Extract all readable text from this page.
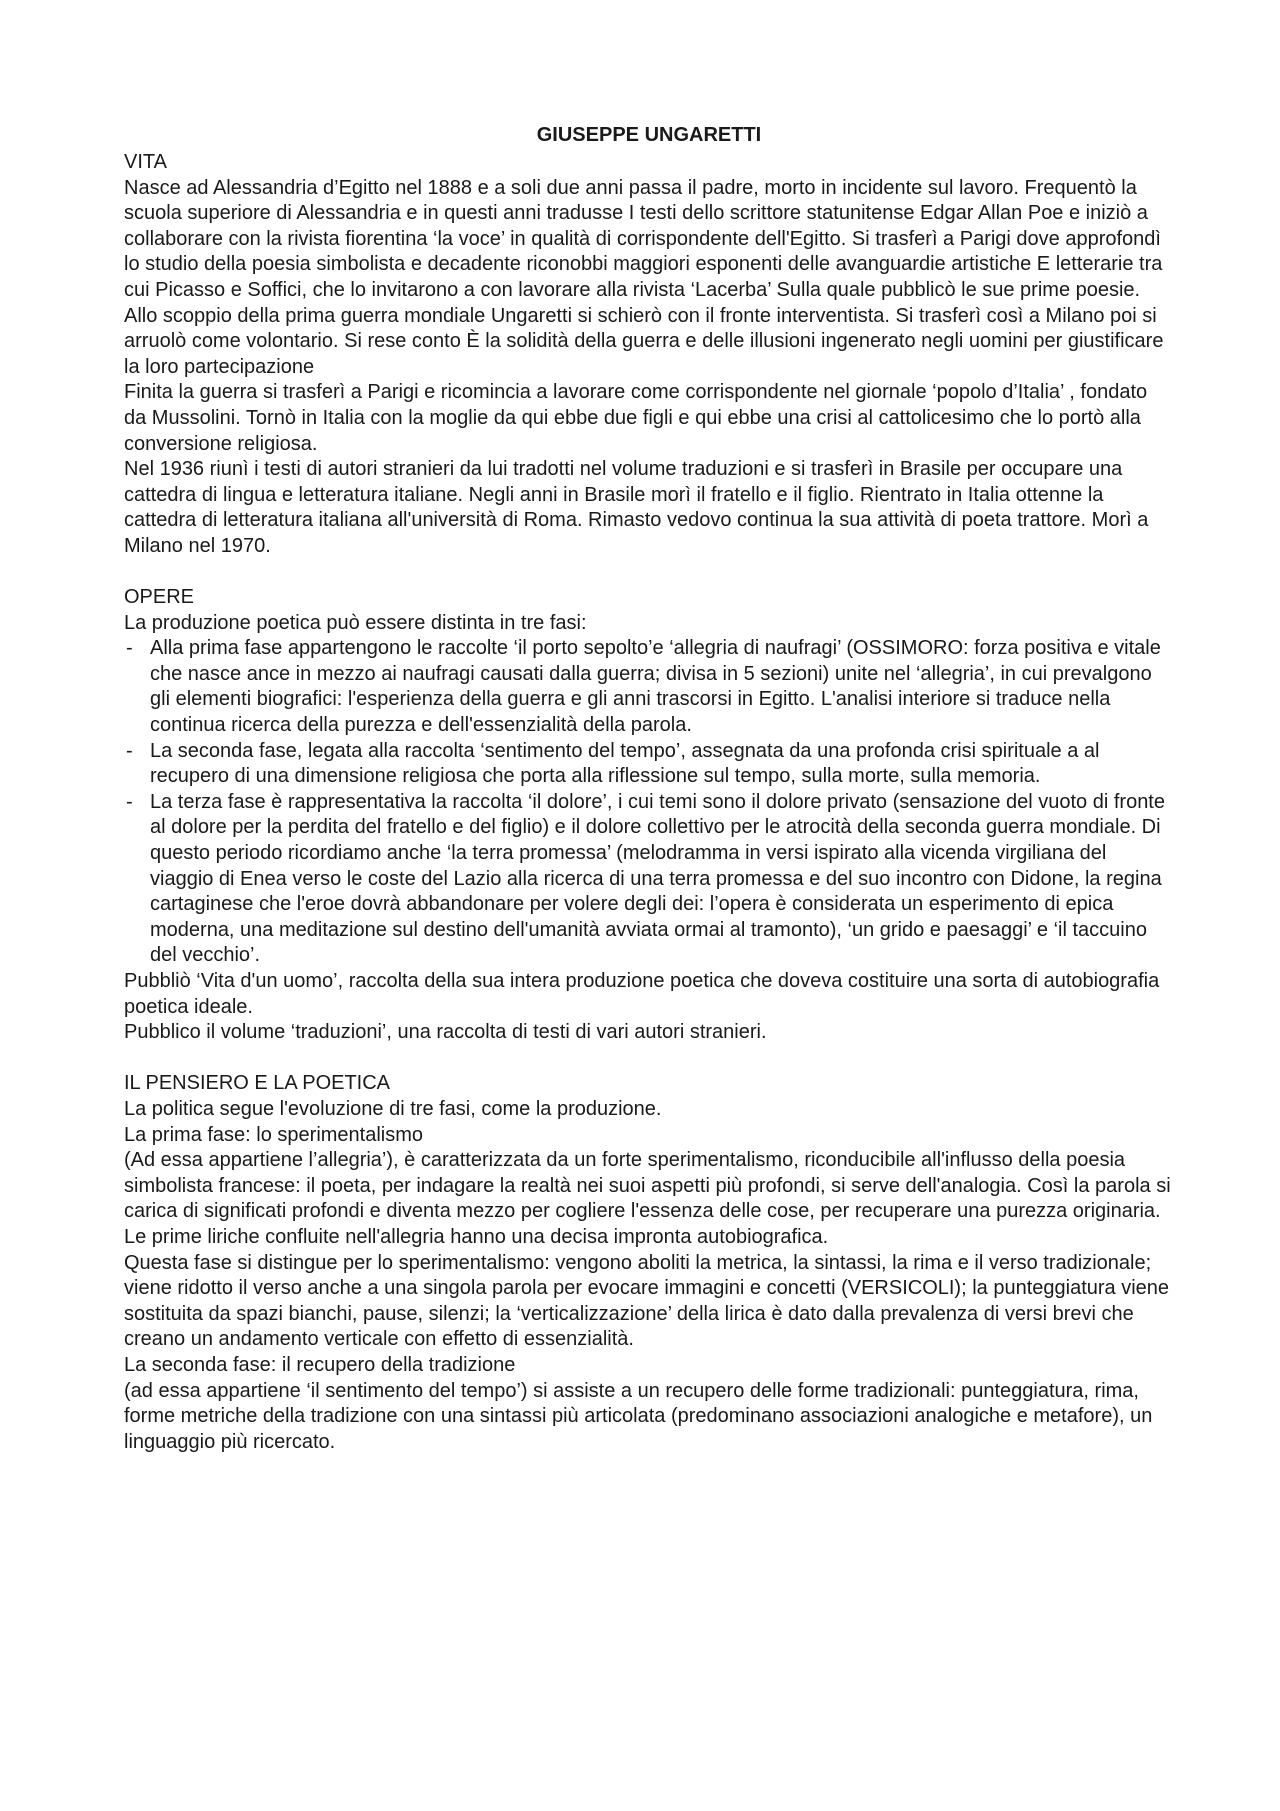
GIUSEPPE UNGARETTI

VITA

Nasce ad Alessandria d’Egitto nel 1888 e a soli due anni passa il padre, morto in incidente sul lavoro. Frequentò la scuola superiore di Alessandria e in questi anni tradusse I testi dello scrittore statunitense Edgar Allan Poe e iniziò a collaborare con la rivista fiorentina ‘la voce’ in qualità di corrispondente dell'Egitto. Si trasferì a Parigi dove approfondì lo studio della poesia simbolista e decadente riconobbi maggiori esponenti delle avanguardie artistiche E letterarie tra cui Picasso e Soffici, che lo invitarono a con lavorare alla rivista ‘Lacerba’ Sulla quale pubblicò le sue prime poesie.

Allo scoppio della prima guerra mondiale Ungaretti si schierò con il fronte interventista. Si trasferì così a Milano poi si arruolò come volontario. Si rese conto È la solidità della guerra e delle illusioni ingenerato negli uomini per giustificare la loro partecipazione

Finita la guerra si trasferì a Parigi e ricomincia a lavorare come corrispondente nel giornale ‘popolo d’Italia’ , fondato da Mussolini. Tornò in Italia con la moglie da qui ebbe due figli e qui ebbe una crisi al cattolicesimo che lo portò alla conversione religiosa.

Nel 1936 riunì i testi di autori stranieri da lui tradotti nel volume traduzioni e si trasferì in Brasile per occupare una cattedra di lingua e letteratura italiane. Negli anni in Brasile morì il fratello e il figlio. Rientrato in Italia ottenne la cattedra di letteratura italiana all'università di Roma. Rimasto vedovo continua la sua attività di poeta trattore. Morì a Milano nel 1970.

OPERE

La produzione poetica può essere distinta in tre fasi:

- Alla prima fase appartengono le raccolte ‘il porto sepolto’e ‘allegria di naufragi’ (OSSIMORO: forza positiva e vitale che nasce ance in mezzo ai naufragi causati dalla guerra; divisa in 5 sezioni) unite nel ‘allegria’, in cui prevalgono gli elementi biografici: l'esperienza della guerra e gli anni trascorsi in Egitto. L'analisi interiore si traduce nella continua ricerca della purezza e dell'essenzialità della parola.
- La seconda fase, legata alla raccolta ‘sentimento del tempo’, assegnata da una profonda crisi spirituale a al recupero di una dimensione religiosa che porta alla riflessione sul tempo, sulla morte, sulla memoria.
- La terza fase è rappresentativa la raccolta ‘il dolore’, i cui temi sono il dolore privato (sensazione del vuoto di fronte al dolore per la perdita del fratello e del figlio) e il dolore collettivo per le atrocità della seconda guerra mondiale. Di questo periodo ricordiamo anche ‘la terra promessa’ (melodramma in versi ispirato alla vicenda virgiliana del viaggio di Enea verso le coste del Lazio alla ricerca di una terra promessa e del suo incontro con Didone, la regina cartaginese che l'eroe dovrà abbandonare per volere degli dei: l’opera è considerata un esperimento di epica moderna, una meditazione sul destino dell'umanità avviata ormai al tramonto), ‘un grido e paesaggi’ e ‘il taccuino del vecchio’.

Pubbliò ‘Vita d'un uomo’, raccolta della sua intera produzione poetica che doveva costituire una sorta di autobiografia poetica ideale.

Pubblico il volume ‘traduzioni’, una raccolta di testi di vari autori stranieri.

IL PENSIERO E LA POETICA

La politica segue l'evoluzione di tre fasi, come la produzione.

La prima fase: lo sperimentalismo

(Ad essa appartiene l’allegria’), è caratterizzata da un forte sperimentalismo, riconducibile all'influsso della poesia simbolista francese: il poeta, per indagare la realtà nei suoi aspetti più profondi, si serve dell'analogia. Così la parola si carica di significati profondi e diventa mezzo per cogliere l'essenza delle cose, per recuperare una purezza originaria.

Le prime liriche confluite nell'allegria hanno una decisa impronta autobiografica.

Questa fase si distingue per lo sperimentalismo: vengono aboliti la metrica, la sintassi, la rima e il verso tradizionale; viene ridotto il verso anche a una singola parola per evocare immagini e concetti (VERSICOLI); la punteggiatura viene sostituita da spazi bianchi, pause, silenzi; la ‘verticalizzazione’ della lirica è dato dalla prevalenza di versi brevi che creano un andamento verticale con effetto di essenzialità.

La seconda fase: il recupero della tradizione

(ad essa appartiene ‘il sentimento del tempo’) si assiste a un recupero delle forme tradizionali: punteggiatura, rima, forme metriche della tradizione con una sintassi più articolata (predominano associazioni analogiche e metafore), un linguaggio più ricercato.
